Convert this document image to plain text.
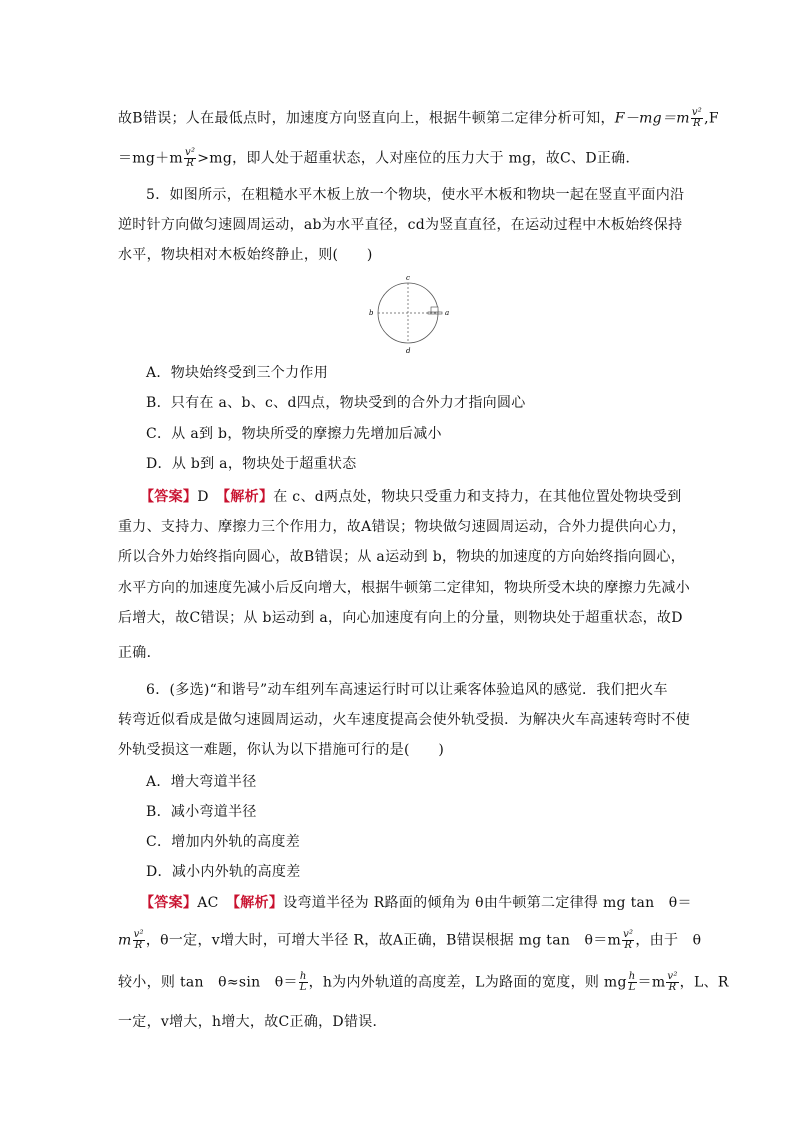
故B错误；人在最低点时，加速度方向竖直向上，根据牛顿第二定律分析可知，$F-mg=m \frac{\text{v²}}{R} ,F$
$=mg+m \frac{\text{v²}}{R} >mg$，即人处于超重状态，人对座位的压力大于 mg，故C、D正确．
5．如图所示，在粗糙水平木板上放一个物块，使水平木板和物块一起在竖直平面内沿
逆时针方向做匀速圆周运动，ab为水平直径，cd为竖直直径，在运动过程中木板始终保持
水平，物块相对木板始终静止，则(　　)
c
b	a
d
A．物块始终受到三个力作用
B．只有在 a、b、c、d四点，物块受到的合外力才指向圆心
C．从 a到 b，物块所受的摩擦力先增加后减小
D．从 b到 a，物块处于超重状态
【答案】D　 【解析】在 c、d两点处，物块只受重力和支持力，在其他位置处物块受到
重力、支持力、摩擦力三个作用力，故A错误；物块做匀速圆周运动，合外力提供向心力，
所以合外力始终指向圆心，故B错误；从 a运动到 b，物块的加速度的方向始终指向圆心，
水平方向的加速度先减小后反向增大，根据牛顿第二定律知，物块所受木块的摩擦力先减小
后增大，故C错误；从 b运动到 a，向心加速度有向上的分量，则物块处于超重状态，故D
正确．
6．(多选)“和谐号”动车组列车高速运行时可以让乘客体验追风的感觉．我们把火车
转弯近似看成是做匀速圆周运动，火车速度提高会使外轨受损．为解决火车高速转弯时不使
外轨受损这一难题，你认为以下措施可行的是(　　)
A．增大弯道半径
B．减小弯道半径
C．增加内外轨的高度差
D．减小内外轨的高度差
【答案】AC　 【解析】设弯道半径为 R路面的倾角为 θ由牛顿第二定律得 mg tan　θ＝
m $\frac{\text{v²}}{R}$ ，θ一定，v增大时，可增大半径 R，故A正确，B错误根据 mg tan　$\theta=m \frac{\text{v²}}{R}$ ，由于　θ
较小，则 tan　θ≈sin　$\theta= \frac{h}{L}$ ，h为内外轨道的高度差，L为路面的宽度，则 mg $\frac{h}{L} =m \frac{\text{v²}}{R}$ ，L、R
一定，v增大，h增大，故C正确，D错误．
